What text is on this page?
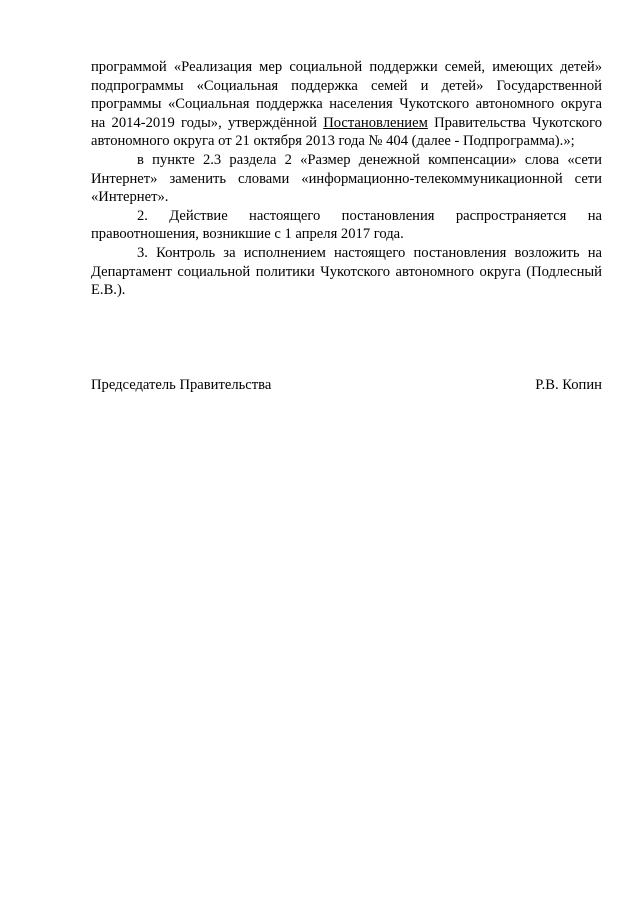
программой «Реализация мер социальной поддержки семей, имеющих детей» подпрограммы «Социальная поддержка семей и детей» Государственной программы «Социальная поддержка населения Чукотского автономного округа на 2014-2019 годы», утверждённой Постановлением Правительства Чукотского автономного округа от 21 октября 2013 года № 404 (далее - Подпрограмма).»;

в пункте 2.3 раздела 2 «Размер денежной компенсации» слова «сети Интернет» заменить словами «информационно-телекоммуникационной сети «Интернет».

2. Действие настоящего постановления распространяется на правоотношения, возникшие с 1 апреля 2017 года.

3. Контроль за исполнением настоящего постановления возложить на Департамент социальной политики Чукотского автономного округа (Подлесный Е.В.).

Председатель Правительства	Р.В. Копин
